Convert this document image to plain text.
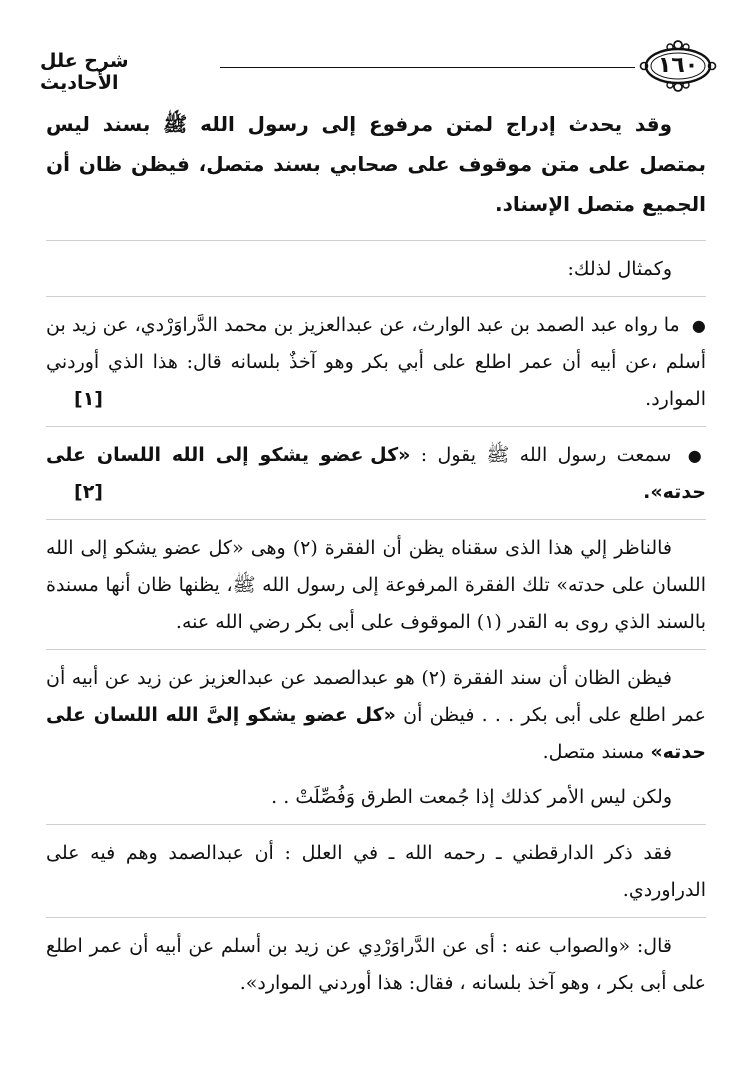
شرح علل الأحاديث
١٦٠

وقد يحدث إدراج لمتن مرفوع إلى رسول الله ﷺ بسند ليس بمتصل على متن موقوف على صحابي بسند متصل، فيظن ظان أن الجميع متصل الإسناد.

وكمثال لذلك:

● ما رواه عبد الصمد بن عبد الوارث، عن عبدالعزيز بن محمد الدَّراوَرْدي، عن زيد بن أسلم ،عن أبيه أن عمر اطلع على أبي بكر وهو آخذٌ بلسانه قال: هذا الذي أوردني الموارد.
[١]

● سمعت رسول الله ﷺ يقول : «كل عضو يشكو إلى الله اللسان على حدته».
[٢]

فالناظر إلي هذا الذى سقناه يظن أن الفقرة (٢) وهى «كل عضو يشكو إلى الله اللسان على حدته» تلك الفقرة المرفوعة إلى رسول الله ﷺ، يظنها ظان أنها مسندة بالسند الذي روى به القدر (١) الموقوف على أبى بكر رضي الله عنه.

فيظن الظان أن سند الفقرة (٢) هو عبدالصمد عن عبدالعزيز عن زيد عن أبيه أن عمر اطلع على أبى بكر . . . فيظن أن «كل عضو يشكو إلىَّ الله اللسان على حدته» مسند متصل.

ولكن ليس الأمر كذلك إذا جُمعت الطرق وَفُصِّلَتْ . .

فقد ذكر الدارقطني ـ رحمه الله ـ في العلل : أن عبدالصمد وهم فيه على الدراوردي.

قال: «والصواب عنه : أى عن الدَّراوَرْدِي عن زيد بن أسلم عن أبيه أن عمر اطلع على أبى بكر ، وهو آخذ بلسانه ، فقال: هذا أوردني الموارد».
